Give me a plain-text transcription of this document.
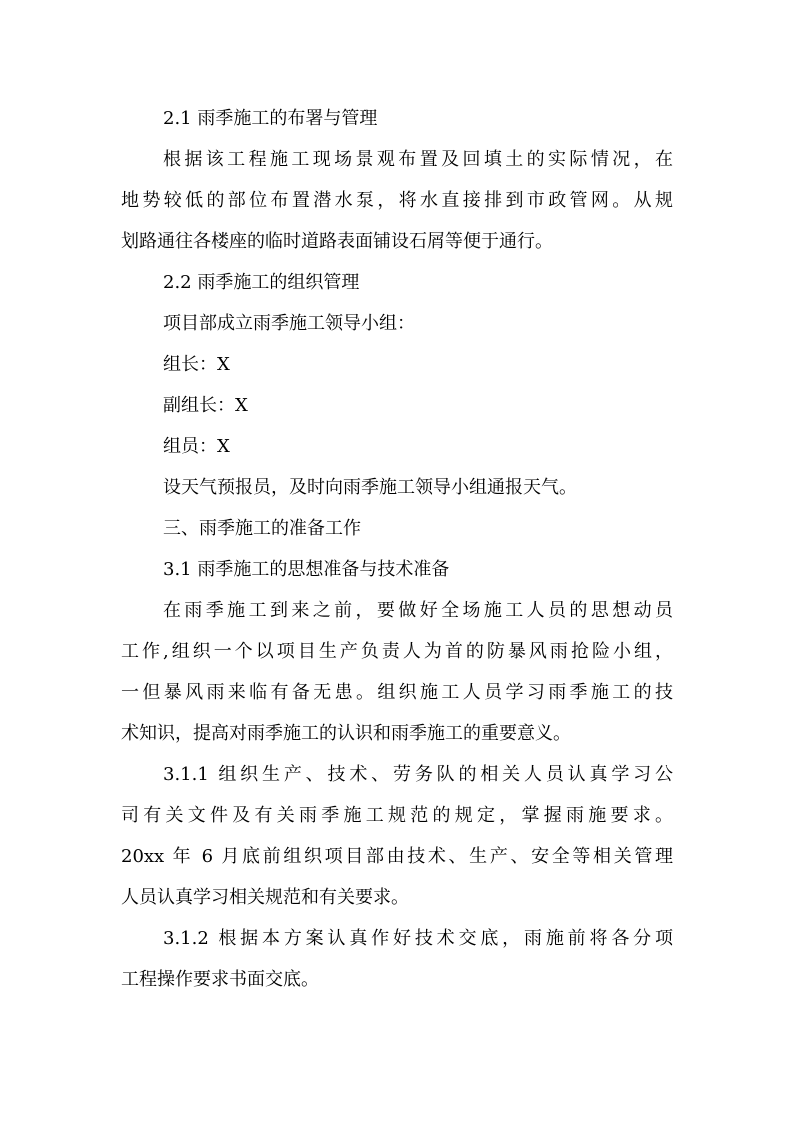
2.1 雨季施工的布署与管理
根据该工程施工现场景观布置及回填土的实际情况，在
地势较低的部位布置潜水泵，将水直接排到市政管网。从规
划路通往各楼座的临时道路表面铺设石屑等便于通行。
2.2 雨季施工的组织管理
项目部成立雨季施工领导小组：
组长：X
副组长：X
组员：X
设天气预报员，及时向雨季施工领导小组通报天气。
三、雨季施工的准备工作
3.1 雨季施工的思想准备与技术准备
在雨季施工到来之前，要做好全场施工人员的思想动员
工作,组织一个以项目生产负责人为首的防暴风雨抢险小组，
一但暴风雨来临有备无患。组织施工人员学习雨季施工的技
术知识，提高对雨季施工的认识和雨季施工的重要意义。
3.1.1 组织生产、技术、劳务队的相关人员认真学习公
司有关文件及有关雨季施工规范的规定，掌握雨施要求。
20xx 年 6 月底前组织项目部由技术、生产、安全等相关管理
人员认真学习相关规范和有关要求。
3.1.2 根据本方案认真作好技术交底，雨施前将各分项
工程操作要求书面交底。
